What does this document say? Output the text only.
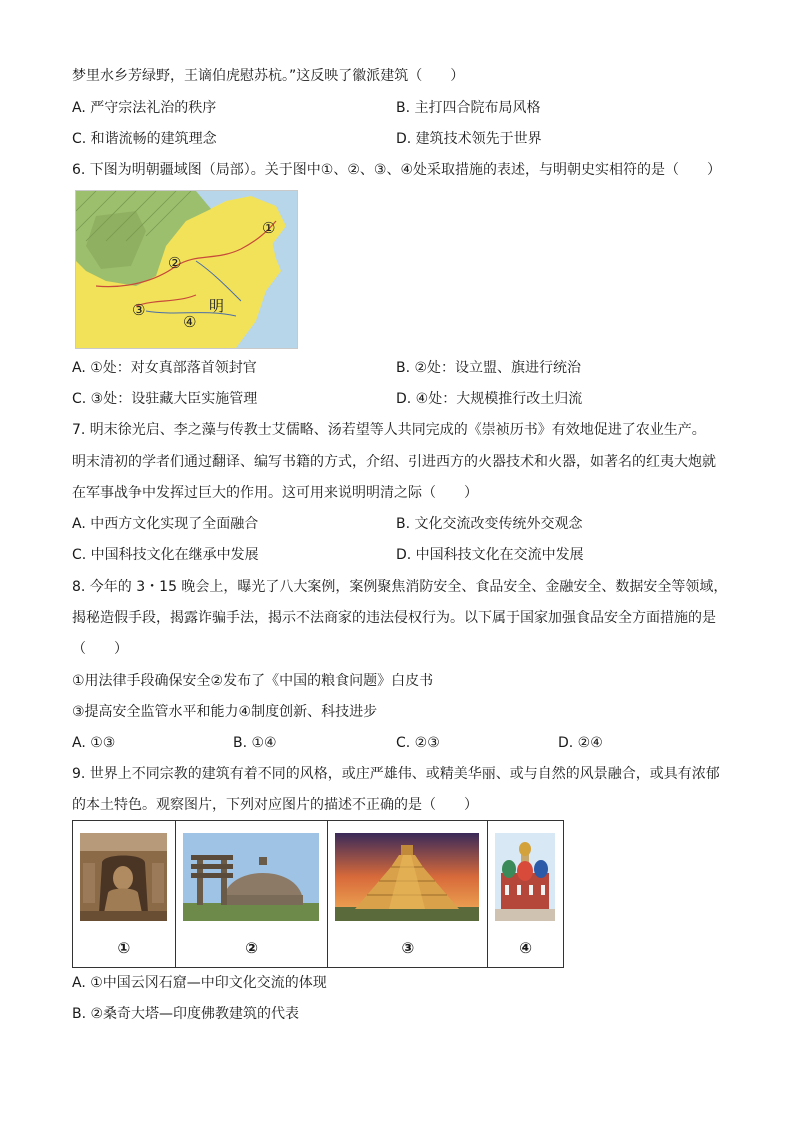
梦里水乡芳绿野，王谪伯虎慰苏杭。”这反映了徽派建筑（　　）
A. 严守宗法礼治的秩序	B. 主打四合院布局风格
C. 和谐流畅的建筑理念	D. 建筑技术领先于世界
6. 下图为明朝疆域图（局部）。关于图中①、②、③、④处采取措施的表述，与明朝史实相符的是（　　）
①
②
③
④
明
A. ①处：对女真部落首领封官	B. ②处：设立盟、旗进行统治
C. ③处：设驻藏大臣实施管理	D. ④处：大规模推行改土归流
7. 明末徐光启、李之藻与传教士艾儒略、汤若望等人共同完成的《崇祯历书》有效地促进了农业生产。
明末清初的学者们通过翻译、编写书籍的方式，介绍、引进西方的火器技术和火器，如著名的红夷大炮就
在军事战争中发挥过巨大的作用。这可用来说明明清之际（　　）
A. 中西方文化实现了全面融合	B. 文化交流改变传统外交观念
C. 中国科技文化在继承中发展	D. 中国科技文化在交流中发展
8. 今年的 3・15 晚会上，曝光了八大案例，案例聚焦消防安全、食品安全、金融安全、数据安全等领域，
揭秘造假手段，揭露诈骗手法，揭示不法商家的违法侵权行为。以下属于国家加强食品安全方面措施的是
（　　）
①用法律手段确保安全②发布了《中国的粮食问题》白皮书
③提高安全监管水平和能力④制度创新、科技进步
A. ①③	B. ①④	C. ②③	D. ②④
9. 世界上不同宗教的建筑有着不同的风格，或庄严雄伟、或精美华丽、或与自然的风景融合，或具有浓郁
的本土特色。观察图片，下列对应图片的描述不正确的是（　　）
①	②	③	④
A. ①中国云冈石窟—中印文化交流的体现
B. ②桑奇大塔—印度佛教建筑的代表
